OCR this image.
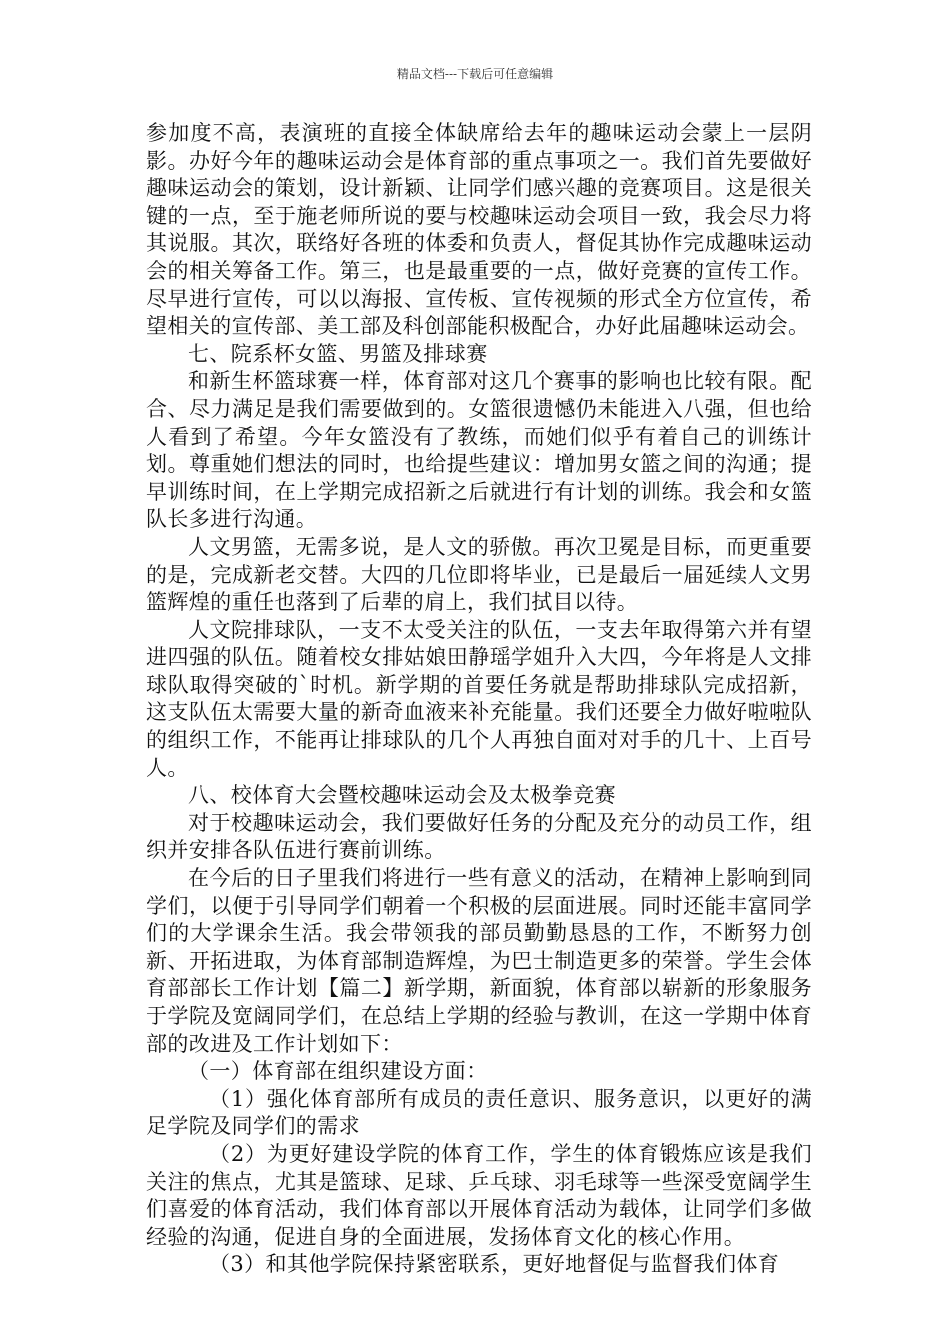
精品文档---下载后可任意编辑

参加度不高，表演班的直接全体缺席给去年的趣味运动会蒙上一层阴影。办好今年的趣味运动会是体育部的重点事项之一。我们首先要做好趣味运动会的策划，设计新颖、让同学们感兴趣的竞赛项目。这是很关键的一点，至于施老师所说的要与校趣味运动会项目一致，我会尽力将其说服。其次，联络好各班的体委和负责人，督促其协作完成趣味运动会的相关筹备工作。第三，也是最重要的一点，做好竞赛的宣传工作。尽早进行宣传，可以以海报、宣传板、宣传视频的形式全方位宣传，希望相关的宣传部、美工部及科创部能积极配合，办好此届趣味运动会。

七、院系杯女篮、男篮及排球赛

和新生杯篮球赛一样，体育部对这几个赛事的影响也比较有限。配合、尽力满足是我们需要做到的。女篮很遗憾仍未能进入八强，但也给人看到了希望。今年女篮没有了教练，而她们似乎有着自己的训练计划。尊重她们想法的同时，也给提些建议：增加男女篮之间的沟通；提早训练时间，在上学期完成招新之后就进行有计划的训练。我会和女篮队长多进行沟通。

人文男篮，无需多说，是人文的骄傲。再次卫冕是目标，而更重要的是，完成新老交替。大四的几位即将毕业，已是最后一届延续人文男篮辉煌的重任也落到了后辈的肩上，我们拭目以待。

人文院排球队，一支不太受关注的队伍，一支去年取得第六并有望进四强的队伍。随着校女排姑娘田静瑶学姐升入大四，今年将是人文排球队取得突破的`时机。新学期的首要任务就是帮助排球队完成招新，这支队伍太需要大量的新奇血液来补充能量。我们还要全力做好啦啦队的组织工作，不能再让排球队的几个人再独自面对对手的几十、上百号人。

八、校体育大会暨校趣味运动会及太极拳竞赛

对于校趣味运动会，我们要做好任务的分配及充分的动员工作，组织并安排各队伍进行赛前训练。

在今后的日子里我们将进行一些有意义的活动，在精神上影响到同学们，以便于引导同学们朝着一个积极的层面进展。同时还能丰富同学们的大学课余生活。我会带领我的部员勤勤恳恳的工作，不断努力创新、开拓进取，为体育部制造辉煌，为巴士制造更多的荣誉。学生会体育部部长工作计划【篇二】新学期，新面貌，体育部以崭新的形象服务于学院及宽阔同学们，在总结上学期的经验与教训，在这一学期中体育部的改进及工作计划如下：

（一）体育部在组织建设方面：

（1）强化体育部所有成员的责任意识、服务意识，以更好的满足学院及同学们的需求

（2）为更好建设学院的体育工作，学生的体育锻炼应该是我们关注的焦点，尤其是篮球、足球、乒乓球、羽毛球等一些深受宽阔学生们喜爱的体育活动，我们体育部以开展体育活动为载体，让同学们多做经验的沟通，促进自身的全面进展，发扬体育文化的核心作用。

（3）和其他学院保持紧密联系，更好地督促与监督我们体育
